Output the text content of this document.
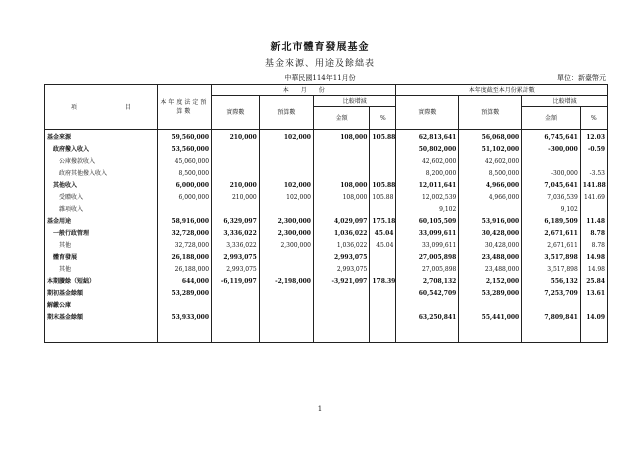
新北市體育發展基金
基金來源、用途及餘絀表
中華民國114年11月份	單位：新臺幣元
項　　　　　　　　目	本年度法定預算數	本　　月　　份				本年度截至本月份累計數			
		實際數	預算數	比較增減		實際數	預算數	比較增減	
				金額	%			金額	%
基金來源	59,560,000	210,000	102,000	108,000	105.88	62,813,641	56,068,000	6,745,641	12.03
政府撥入收入	53,560,000					50,802,000	51,102,000	-300,000	-0.59
公庫撥款收入	45,060,000					42,602,000	42,602,000		
政府其他撥入收入	8,500,000					8,200,000	8,500,000	-300,000	-3.53
其他收入	6,000,000	210,000	102,000	108,000	105.88	12,011,641	4,966,000	7,045,641	141.88
受贈收入	6,000,000	210,000	102,000	108,000	105.88	12,002,539	4,966,000	7,036,539	141.69
雜項收入						9,102		9,102	
基金用途	58,916,000	6,329,097	2,300,000	4,029,097	175.18	60,105,509	53,916,000	6,189,509	11.48
一般行政管理	32,728,000	3,336,022	2,300,000	1,036,022	45.04	33,099,611	30,428,000	2,671,611	8.78
其他	32,728,000	3,336,022	2,300,000	1,036,022	45.04	33,099,611	30,428,000	2,671,611	8.78
體育發展	26,188,000	2,993,075		2,993,075		27,005,898	23,488,000	3,517,898	14.98
其他	26,188,000	2,993,075		2,993,075		27,005,898	23,488,000	3,517,898	14.98
本期賸餘（短絀）	644,000	-6,119,097	-2,198,000	-3,921,097	178.39	2,708,132	2,152,000	556,132	25.84
期初基金餘額	53,289,000					60,542,709	53,289,000	7,253,709	13.61
解繳公庫									
期末基金餘額	53,933,000					63,250,841	55,441,000	7,809,841	14.09
1
